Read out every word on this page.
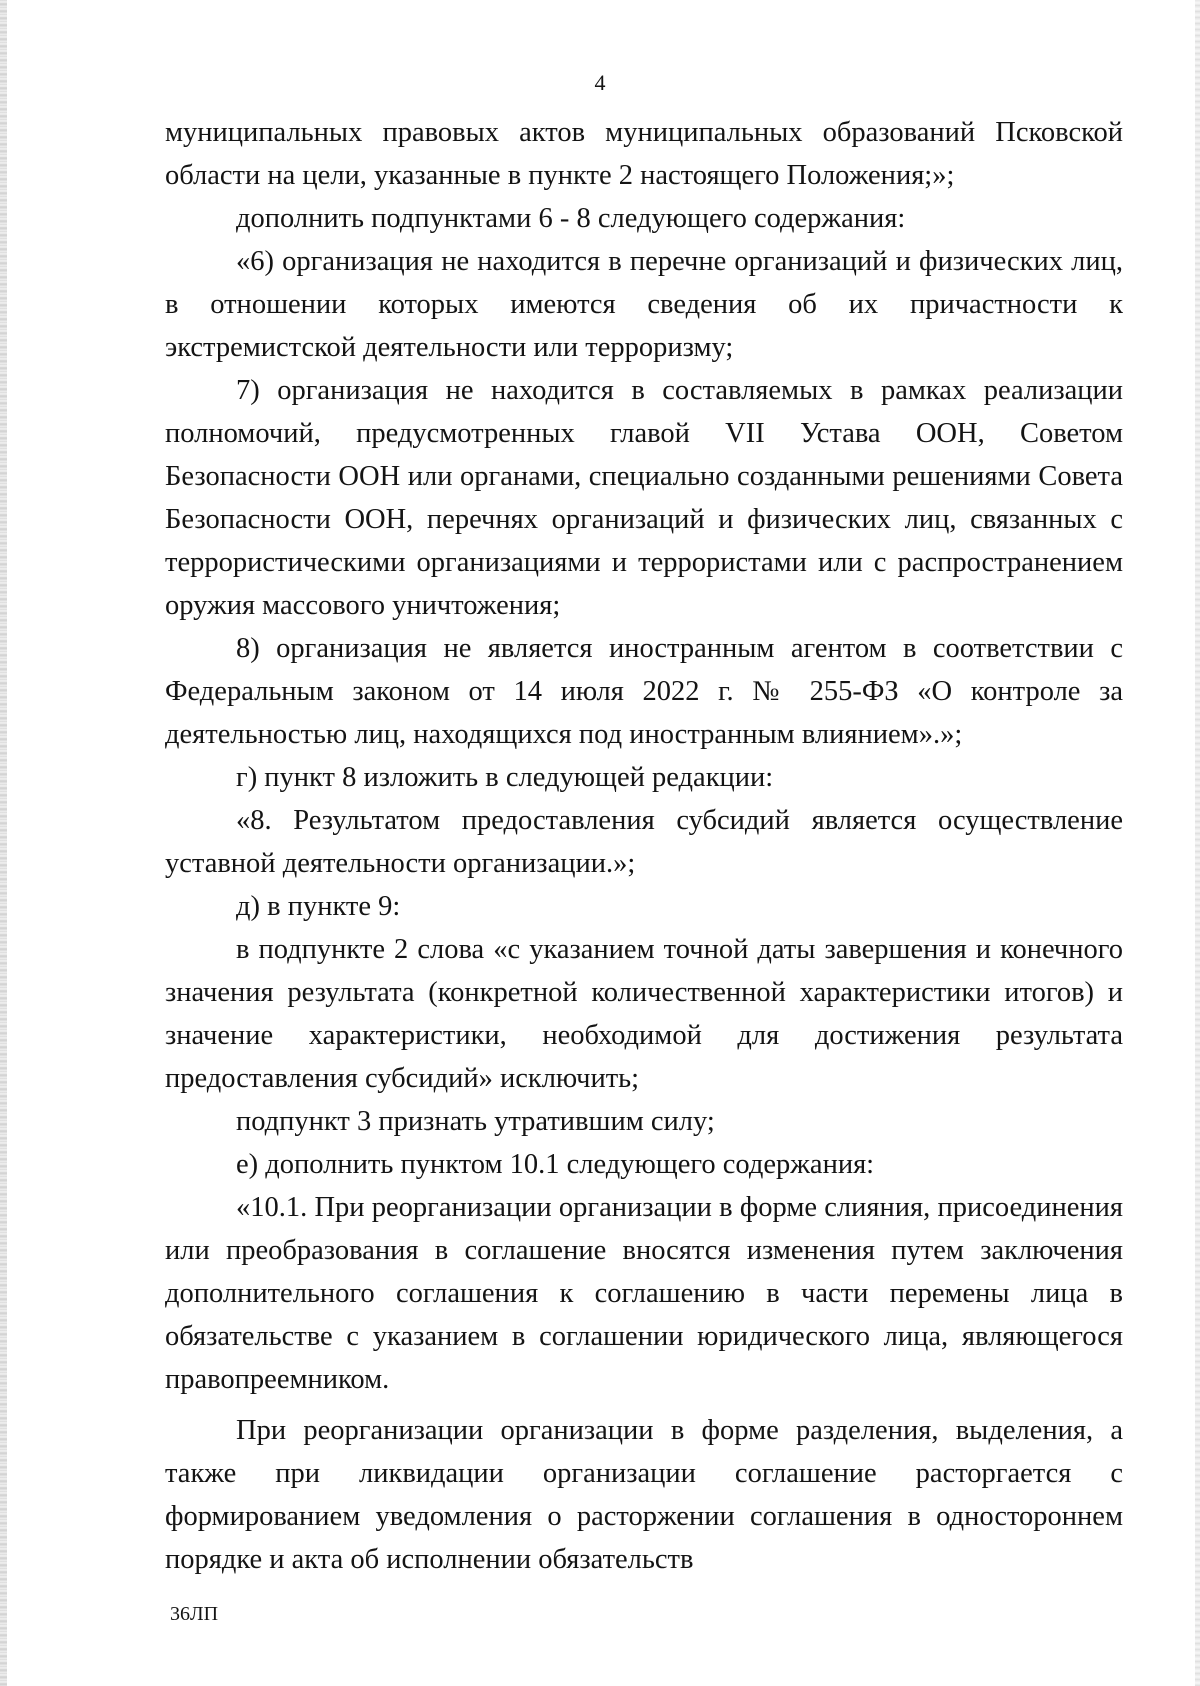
4

муниципальных правовых актов муниципальных образований Псковской области на цели, указанные в пункте 2 настоящего Положения;»;

дополнить подпунктами 6 - 8 следующего содержания:

«6) организация не находится в перечне организаций и физических лиц, в отношении которых имеются сведения об их причастности к экстремистской деятельности или терроризму;

7) организация не находится в составляемых в рамках реализации полномочий, предусмотренных главой VII Устава ООН, Советом Безопасности ООН или органами, специально созданными решениями Совета Безопасности ООН, перечнях организаций и физических лиц, связанных с террористическими организациями и террористами или с распространением оружия массового уничтожения;

8) организация не является иностранным агентом в соответствии с Федеральным законом от 14 июля 2022 г. № 255-ФЗ «О контроле за деятельностью лиц, находящихся под иностранным влиянием».»;

г) пункт 8 изложить в следующей редакции:

«8. Результатом предоставления субсидий является осуществление уставной деятельности организации.»;

д) в пункте 9:

в подпункте 2 слова «с указанием точной даты завершения и конечного значения результата (конкретной количественной характеристики итогов) и значение характеристики, необходимой для достижения результата предоставления субсидий» исключить;

подпункт 3 признать утратившим силу;

е) дополнить пунктом 10.1 следующего содержания:

«10.1. При реорганизации организации в форме слияния, присоединения или преобразования в соглашение вносятся изменения путем заключения дополнительного соглашения к соглашению в части перемены лица в обязательстве с указанием в соглашении юридического лица, являющегося правопреемником.

При реорганизации организации в форме разделения, выделения, а также при ликвидации организации соглашение расторгается с формированием уведомления о расторжении соглашения в одностороннем порядке и акта об исполнении обязательств

36ЛП
